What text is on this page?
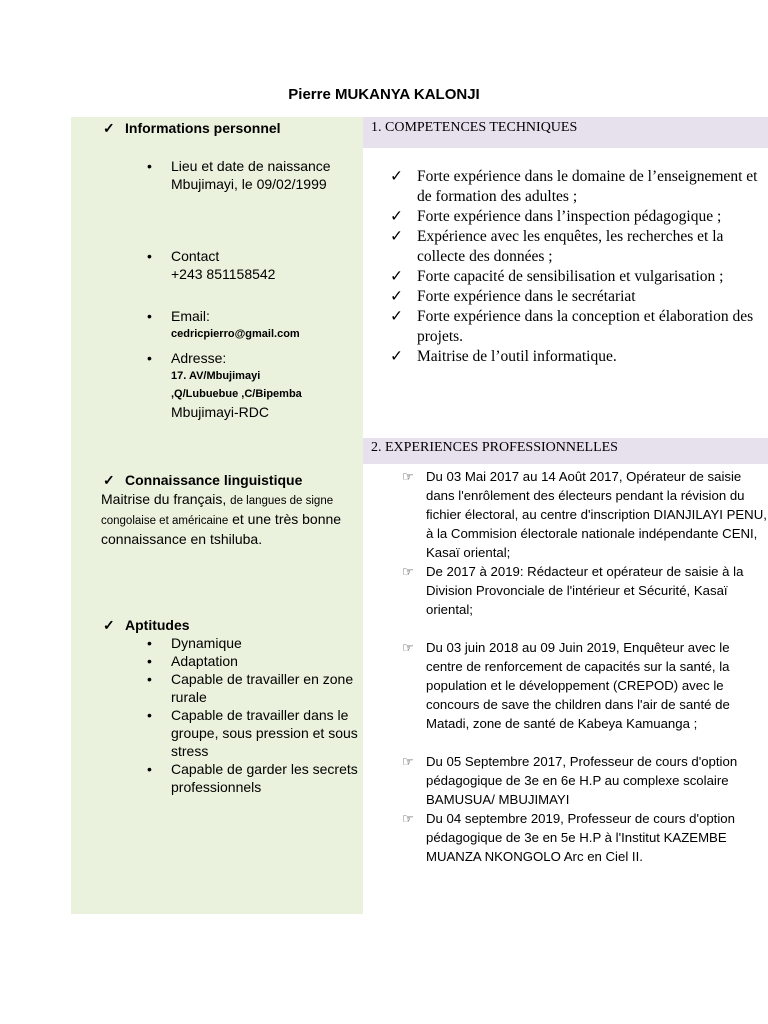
Pierre MUKANYA KALONJI
1. COMPETENCES TECHNIQUES
2. EXPERIENCES PROFESSIONNELLES
✓ Informations personnel
• Lieu et date de naissance
Mbujimayi, le 09/02/1999
• Contact
+243 851158542
• Email:
cedricpierro@gmail.com
• Adresse:
17. AV/Mbujimayi
,Q/Lubuebue ,C/Bipemba
Mbujimayi-RDC
✓ Connaissance linguistique
Maitrise du français, de langues de signe congolaise et américaine et une très bonne connaissance en tshiluba.
✓ Aptitudes
• Dynamique
• Adaptation
• Capable de travailler en zone rurale
• Capable de travailler dans le groupe, sous pression et sous stress
• Capable de garder les secrets professionnels
✓ Forte expérience dans le domaine de l’enseignement et de formation des adultes ;
✓ Forte expérience dans l’inspection pédagogique ;
✓ Expérience avec les enquêtes, les recherches et la collecte des données ;
✓ Forte capacité de sensibilisation et vulgarisation ;
✓ Forte expérience dans le secrétariat
✓ Forte expérience dans la conception et élaboration des projets.
✓ Maitrise de l’outil informatique.
☞ Du 03 Mai 2017 au 14 Août 2017, Opérateur de saisie dans l'enrôlement des électeurs pendant la révision du fichier électoral, au centre d'inscription DIANJILAYI PENU, à la Commision électorale nationale indépendante CENI, Kasaï oriental;
☞ De 2017 à 2019: Rédacteur et opérateur de saisie à la Division Provonciale de l'intérieur et Sécurité, Kasaï oriental;
☞ Du 03 juin 2018 au 09 Juin 2019, Enquêteur avec le centre de renforcement de capacités sur la santé, la population et le développement (CREPOD) avec le concours de save the children dans l'air de santé de Matadi, zone de santé de Kabeya Kamuanga ;
☞ Du 05 Septembre 2017, Professeur de cours d'option pédagogique de 3e en 6e H.P au complexe scolaire BAMUSUA/ MBUJIMAYI
☞ Du 04 septembre 2019, Professeur de cours d'option pédagogique de 3e en 5e H.P à l'Institut KAZEMBE MUANZA NKONGOLO Arc en Ciel II.
